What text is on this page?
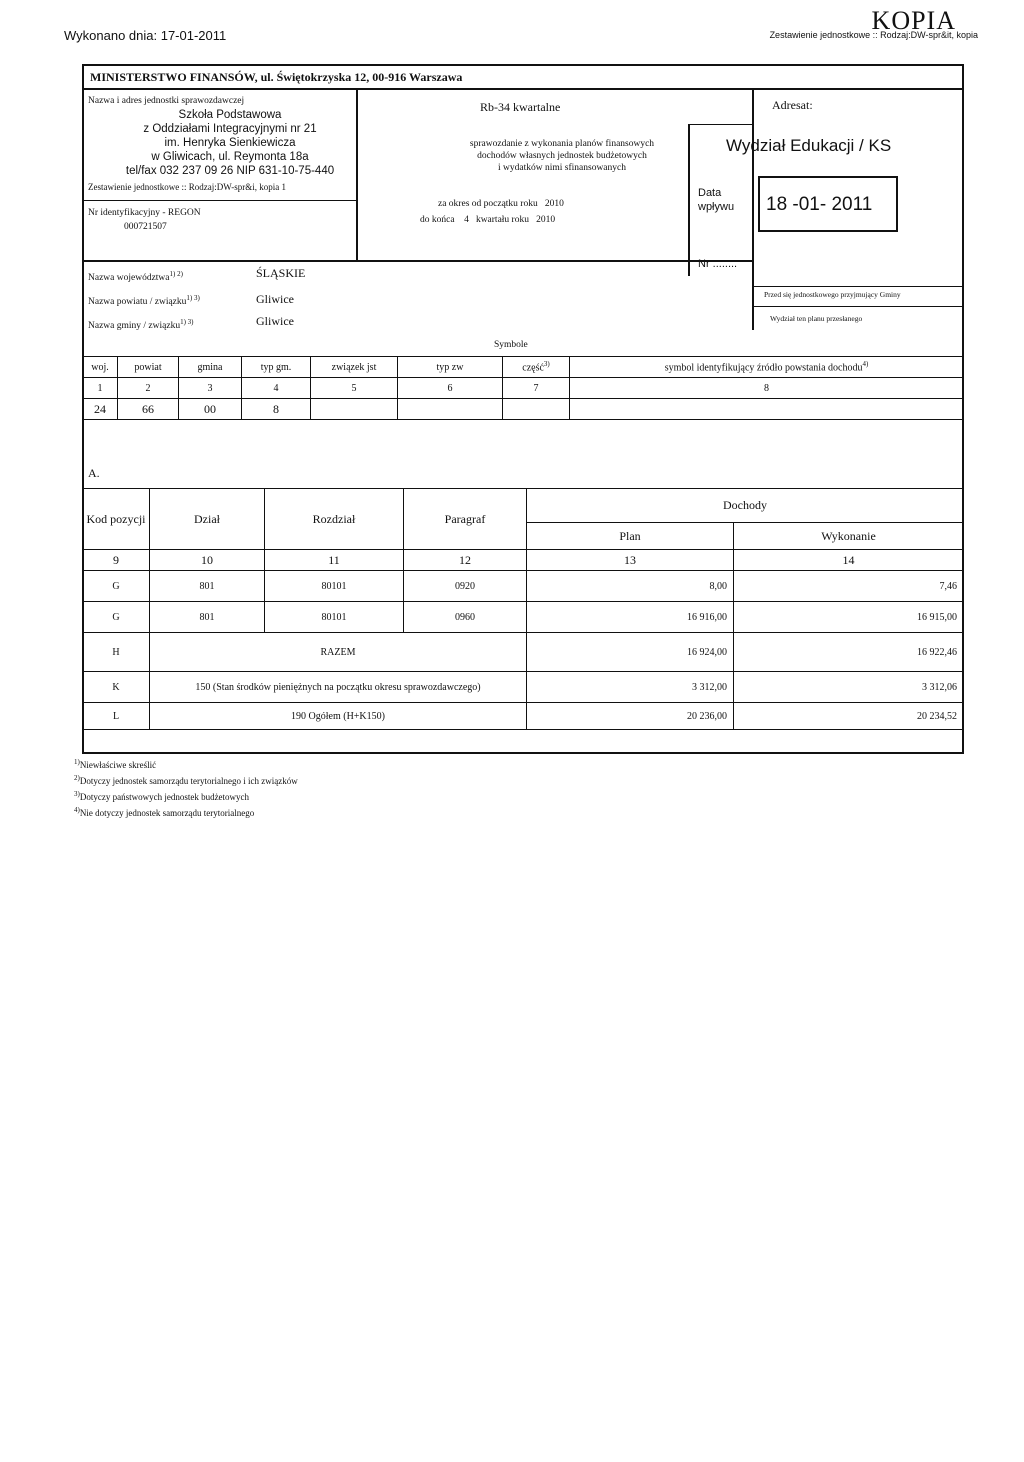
Wykonano dnia: 17-01-2011
KOPIA
Zestawienie jednostkowe :: Rodzaj:DW-spr&it, kopia
MINISTERSTWO FINANSÓW, ul. Świętokrzyska 12, 00-916 Warszawa
Nazwa i adres jednostki sprawozdawczej
Szkoła Podstawowa
z Oddziałami Integracyjnymi nr 21
im. Henryka Sienkiewicza
w Gliwicach, ul. Reymonta 18a
tel/fax 032 237 09 26 NIP 631-10-75-440
Zestawienie jednostkowe :: Rodzaj:DW-spr&i, kopia 1
Nr identyfikacyjny - REGON
000721507
Rb-34 kwartalne
sprawozdanie z wykonania planów finansowych
dochodów własnych jednostek budżetowych
i wydatków nimi sfinansowanych
za okres od początku roku 2010
do końca 4 kwartału roku 2010
Adresat:
Wydział Edukacji / KS
Data wpływu	18 -01- 2011
Nr ........
Przed się jednostkowego przyjmujący Gminy
Wydział ten planu przesłanego
Nazwa województwa$^{1) 2)}$	ŚLĄSKIE
Nazwa powiatu / związku$^{1) 3)}$	Gliwice
Nazwa gminy / związku$^{1) 3)}$	Gliwice
Symbole
woj.	powiat	gmina	typ gm.	związek jst	typ zw	część$^{3)}$	symbol identyfikujący źródło powstania dochodu$^{4)}$
1	2	3	4	5	6	7	8
24	66	00	8				
A.
Kod pozycji	Dział	Rozdział	Paragraf	Dochody	
				Plan	Wykonanie
9	10	11	12	13	14
G	801	80101	0920	8,00	7,46
G	801	80101	0960	16 916,00	16 915,00
H	RAZEM			16 924,00	16 922,46
K	150 (Stan środków pieniężnych na początku okresu sprawozdawczego)			3 312,00	3 312,06
L	190 Ogółem (H+K150)			20 236,00	20 234,52
$^{1)}$Niewłaściwe skreślić
$^{2)}$Dotyczy jednostek samorządu terytorialnego i ich związków
$^{3)}$Dotyczy państwowych jednostek budżetowych
$^{4)}$Nie dotyczy jednostek samorządu terytorialnego
